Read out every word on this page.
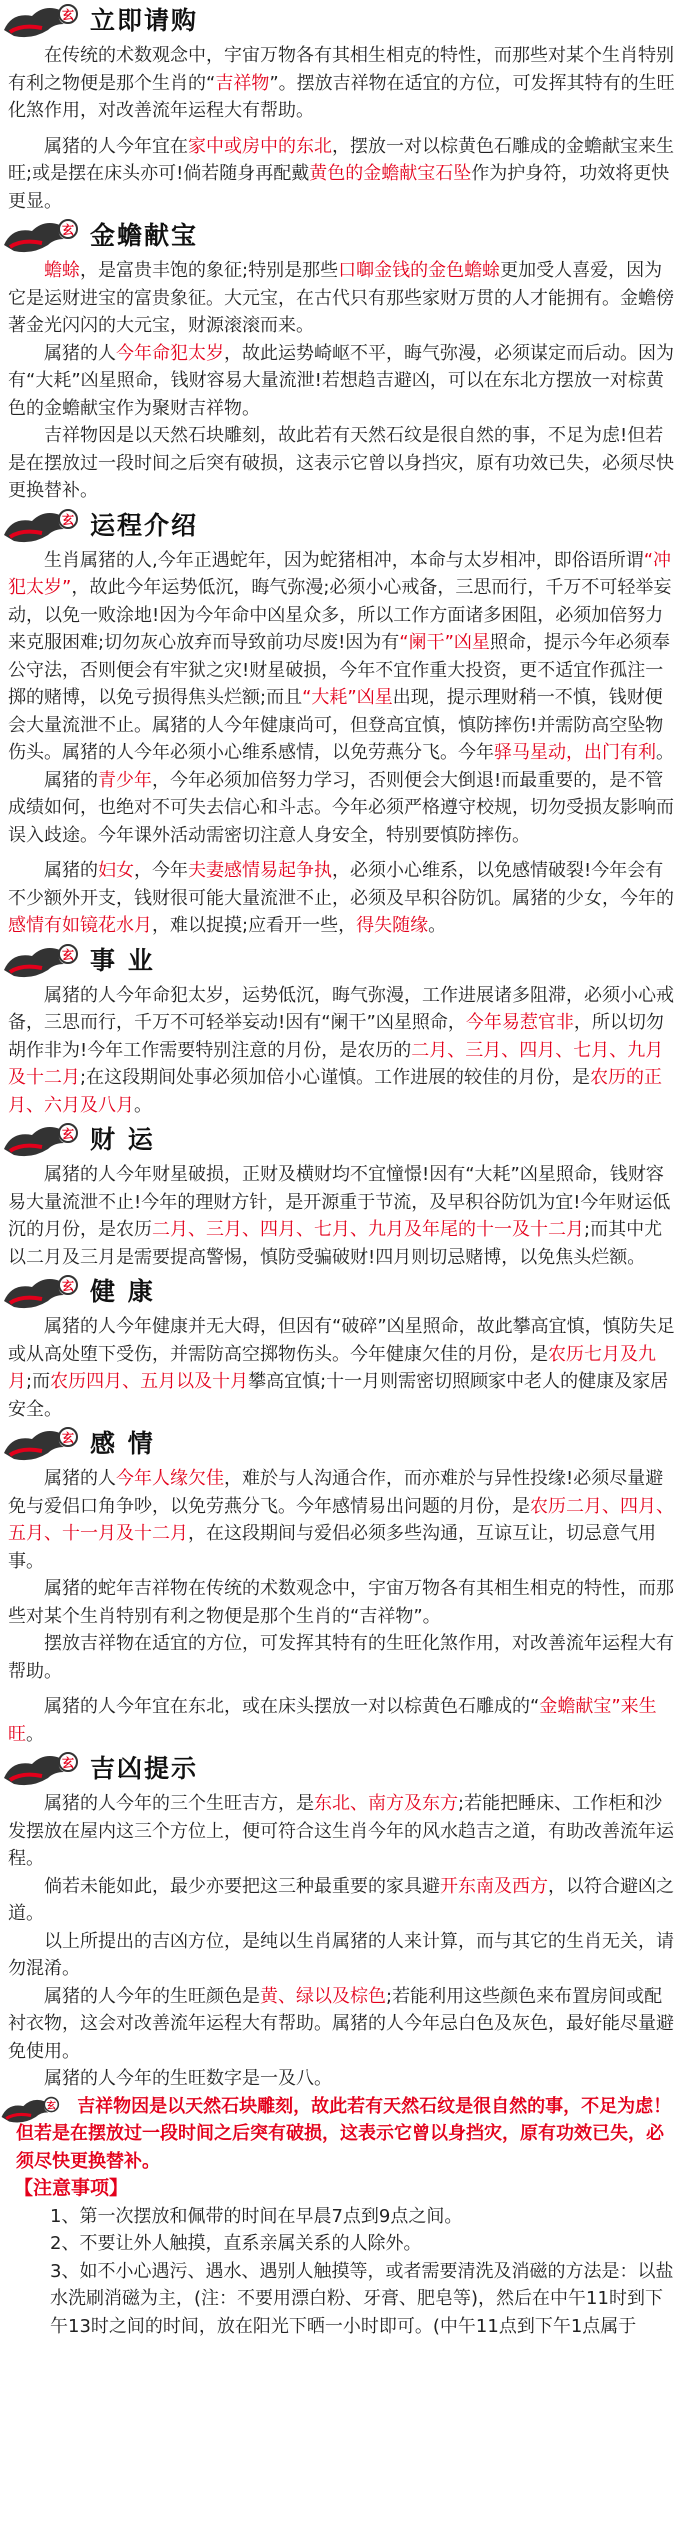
玄 立即请购

在传统的术数观念中，宇宙万物各有其相生相克的特性，而那些对某个生肖特别有利之物便是那个生肖的“吉祥物”。摆放吉祥物在适宜的方位，可发挥其特有的生旺化煞作用，对改善流年运程大有帮助。

属猪的人今年宜在家中或房中的东北，摆放一对以棕黄色石雕成的金蟾献宝来生旺;或是摆在床头亦可!倘若随身再配戴黄色的金蟾献宝石坠作为护身符，功效将更快更显。

玄 金蟾献宝

蟾蜍，是富贵丰饱的象征;特别是那些口啣金钱的金色蟾蜍更加受人喜爱，因为它是运财进宝的富贵象征。大元宝，在古代只有那些家财万贯的人才能拥有。金蟾傍著金光闪闪的大元宝，财源滚滚而来。

属猪的人今年命犯太岁，故此运势崎岖不平，晦气弥漫，必须谋定而后动。因为有“大耗”凶星照命，钱财容易大量流泄!若想趋吉避凶，可以在东北方摆放一对棕黄色的金蟾献宝作为聚财吉祥物。

吉祥物因是以天然石块雕刻，故此若有天然石纹是很自然的事，不足为虑!但若是在摆放过一段时间之后突有破损，这表示它曾以身挡灾，原有功效已失，必须尽快更换替补。

玄 运程介绍

生肖属猪的人,今年正遇蛇年，因为蛇猪相冲，本命与太岁相冲，即俗语所谓“冲犯太岁”，故此今年运势低沉，晦气弥漫;必须小心戒备，三思而行，千万不可轻举妄动，以免一败涂地!因为今年命中凶星众多，所以工作方面诸多困阻，必须加倍努力来克服困难;切勿灰心放弃而导致前功尽废!因为有“阑干”凶星照命，提示今年必须奉公守法，否则便会有牢狱之灾!财星破损，今年不宜作重大投资，更不适宜作孤注一掷的赌博，以免亏损得焦头烂额;而且“大耗”凶星出现，提示理财稍一不慎，钱财便会大量流泄不止。属猪的人今年健康尚可，但登高宜慎，慎防摔伤!并需防高空坠物伤头。属猪的人今年必须小心维系感情，以免劳燕分飞。今年驿马星动，出门有利。

属猪的青少年，今年必须加倍努力学习，否则便会大倒退!而最重要的，是不管成绩如何，也绝对不可失去信心和斗志。今年必须严格遵守校规，切勿受损友影响而误入歧途。今年课外活动需密切注意人身安全，特别要慎防摔伤。

属猪的妇女，今年夫妻感情易起争执，必须小心维系，以免感情破裂!今年会有不少额外开支，钱财很可能大量流泄不止，必须及早积谷防饥。属猪的少女，今年的感情有如镜花水月，难以捉摸;应看开一些，得失随缘。

玄 事 业

属猪的人今年命犯太岁，运势低沉，晦气弥漫，工作进展诸多阻滞，必须小心戒备，三思而行，千万不可轻举妄动!因有“阑干”凶星照命，今年易惹官非，所以切勿胡作非为!今年工作需要特别注意的月份，是农历的二月、三月、四月、七月、九月及十二月;在这段期间处事必须加倍小心谨慎。工作进展的较佳的月份，是农历的正月、六月及八月。

玄 财 运

属猪的人今年财星破损，正财及横财均不宜憧憬!因有“大耗”凶星照命，钱财容易大量流泄不止!今年的理财方针，是开源重于节流，及早积谷防饥为宜!今年财运低沉的月份，是农历二月、三月、四月、七月、九月及年尾的十一及十二月;而其中尤以二月及三月是需要提高警惕，慎防受骗破财!四月则切忌赌博，以免焦头烂额。

玄 健 康

属猪的人今年健康并无大碍，但因有“破碎”凶星照命，故此攀高宜慎，慎防失足或从高处堕下受伤，并需防高空掷物伤头。今年健康欠佳的月份，是农历七月及九月;而农历四月、五月以及十月攀高宜慎;十一月则需密切照顾家中老人的健康及家居安全。

玄 感 情

属猪的人今年人缘欠佳，难於与人沟通合作，而亦难於与异性投缘!必须尽量避免与爱侣口角争吵，以免劳燕分飞。今年感情易出问题的月份，是农历二月、四月、五月、十一月及十二月，在这段期间与爱侣必须多些沟通，互谅互让，切忌意气用事。

属猪的蛇年吉祥物在传统的术数观念中，宇宙万物各有其相生相克的特性，而那些对某个生肖特别有利之物便是那个生肖的“吉祥物”。

摆放吉祥物在适宜的方位，可发挥其特有的生旺化煞作用，对改善流年运程大有帮助。

属猪的人今年宜在东北，或在床头摆放一对以棕黄色石雕成的“金蟾献宝”来生旺。

玄 吉凶提示

属猪的人今年的三个生旺吉方，是东北、南方及东方;若能把睡床、工作柜和沙发摆放在屋内这三个方位上，便可符合这生肖今年的风水趋吉之道，有助改善流年运程。

倘若未能如此，最少亦要把这三种最重要的家具避开东南及西方，以符合避凶之道。

以上所提出的吉凶方位，是纯以生肖属猪的人来计算，而与其它的生肖无关，请勿混淆。

属猪的人今年的生旺颜色是黄、绿以及棕色;若能利用这些颜色来布置房间或配衬衣物，这会对改善流年运程大有帮助。属猪的人今年忌白色及灰色，最好能尽量避免使用。

属猪的人今年的生旺数字是一及八。

玄	吉祥物因是以天然石块雕刻，故此若有天然石纹是很自然的事，不足为虑！但若是在摆放过一段时间之后突有破损，这表示它曾以身挡灾，原有功效已失，必须尽快更换替补。

【注意事项】

1、第一次摆放和佩带的时间在早晨7点到9点之间。

2、不要让外人触摸，直系亲属关系的人除外。

3、如不小心遇污、遇水、遇别人触摸等，或者需要清洗及消磁的方法是：以盐水洗刷消磁为主，(注：不要用漂白粉、牙膏、肥皂等)，然后在中午11时到下午13时之间的时间，放在阳光下晒一小时即可。(中午11点到下午1点属于
